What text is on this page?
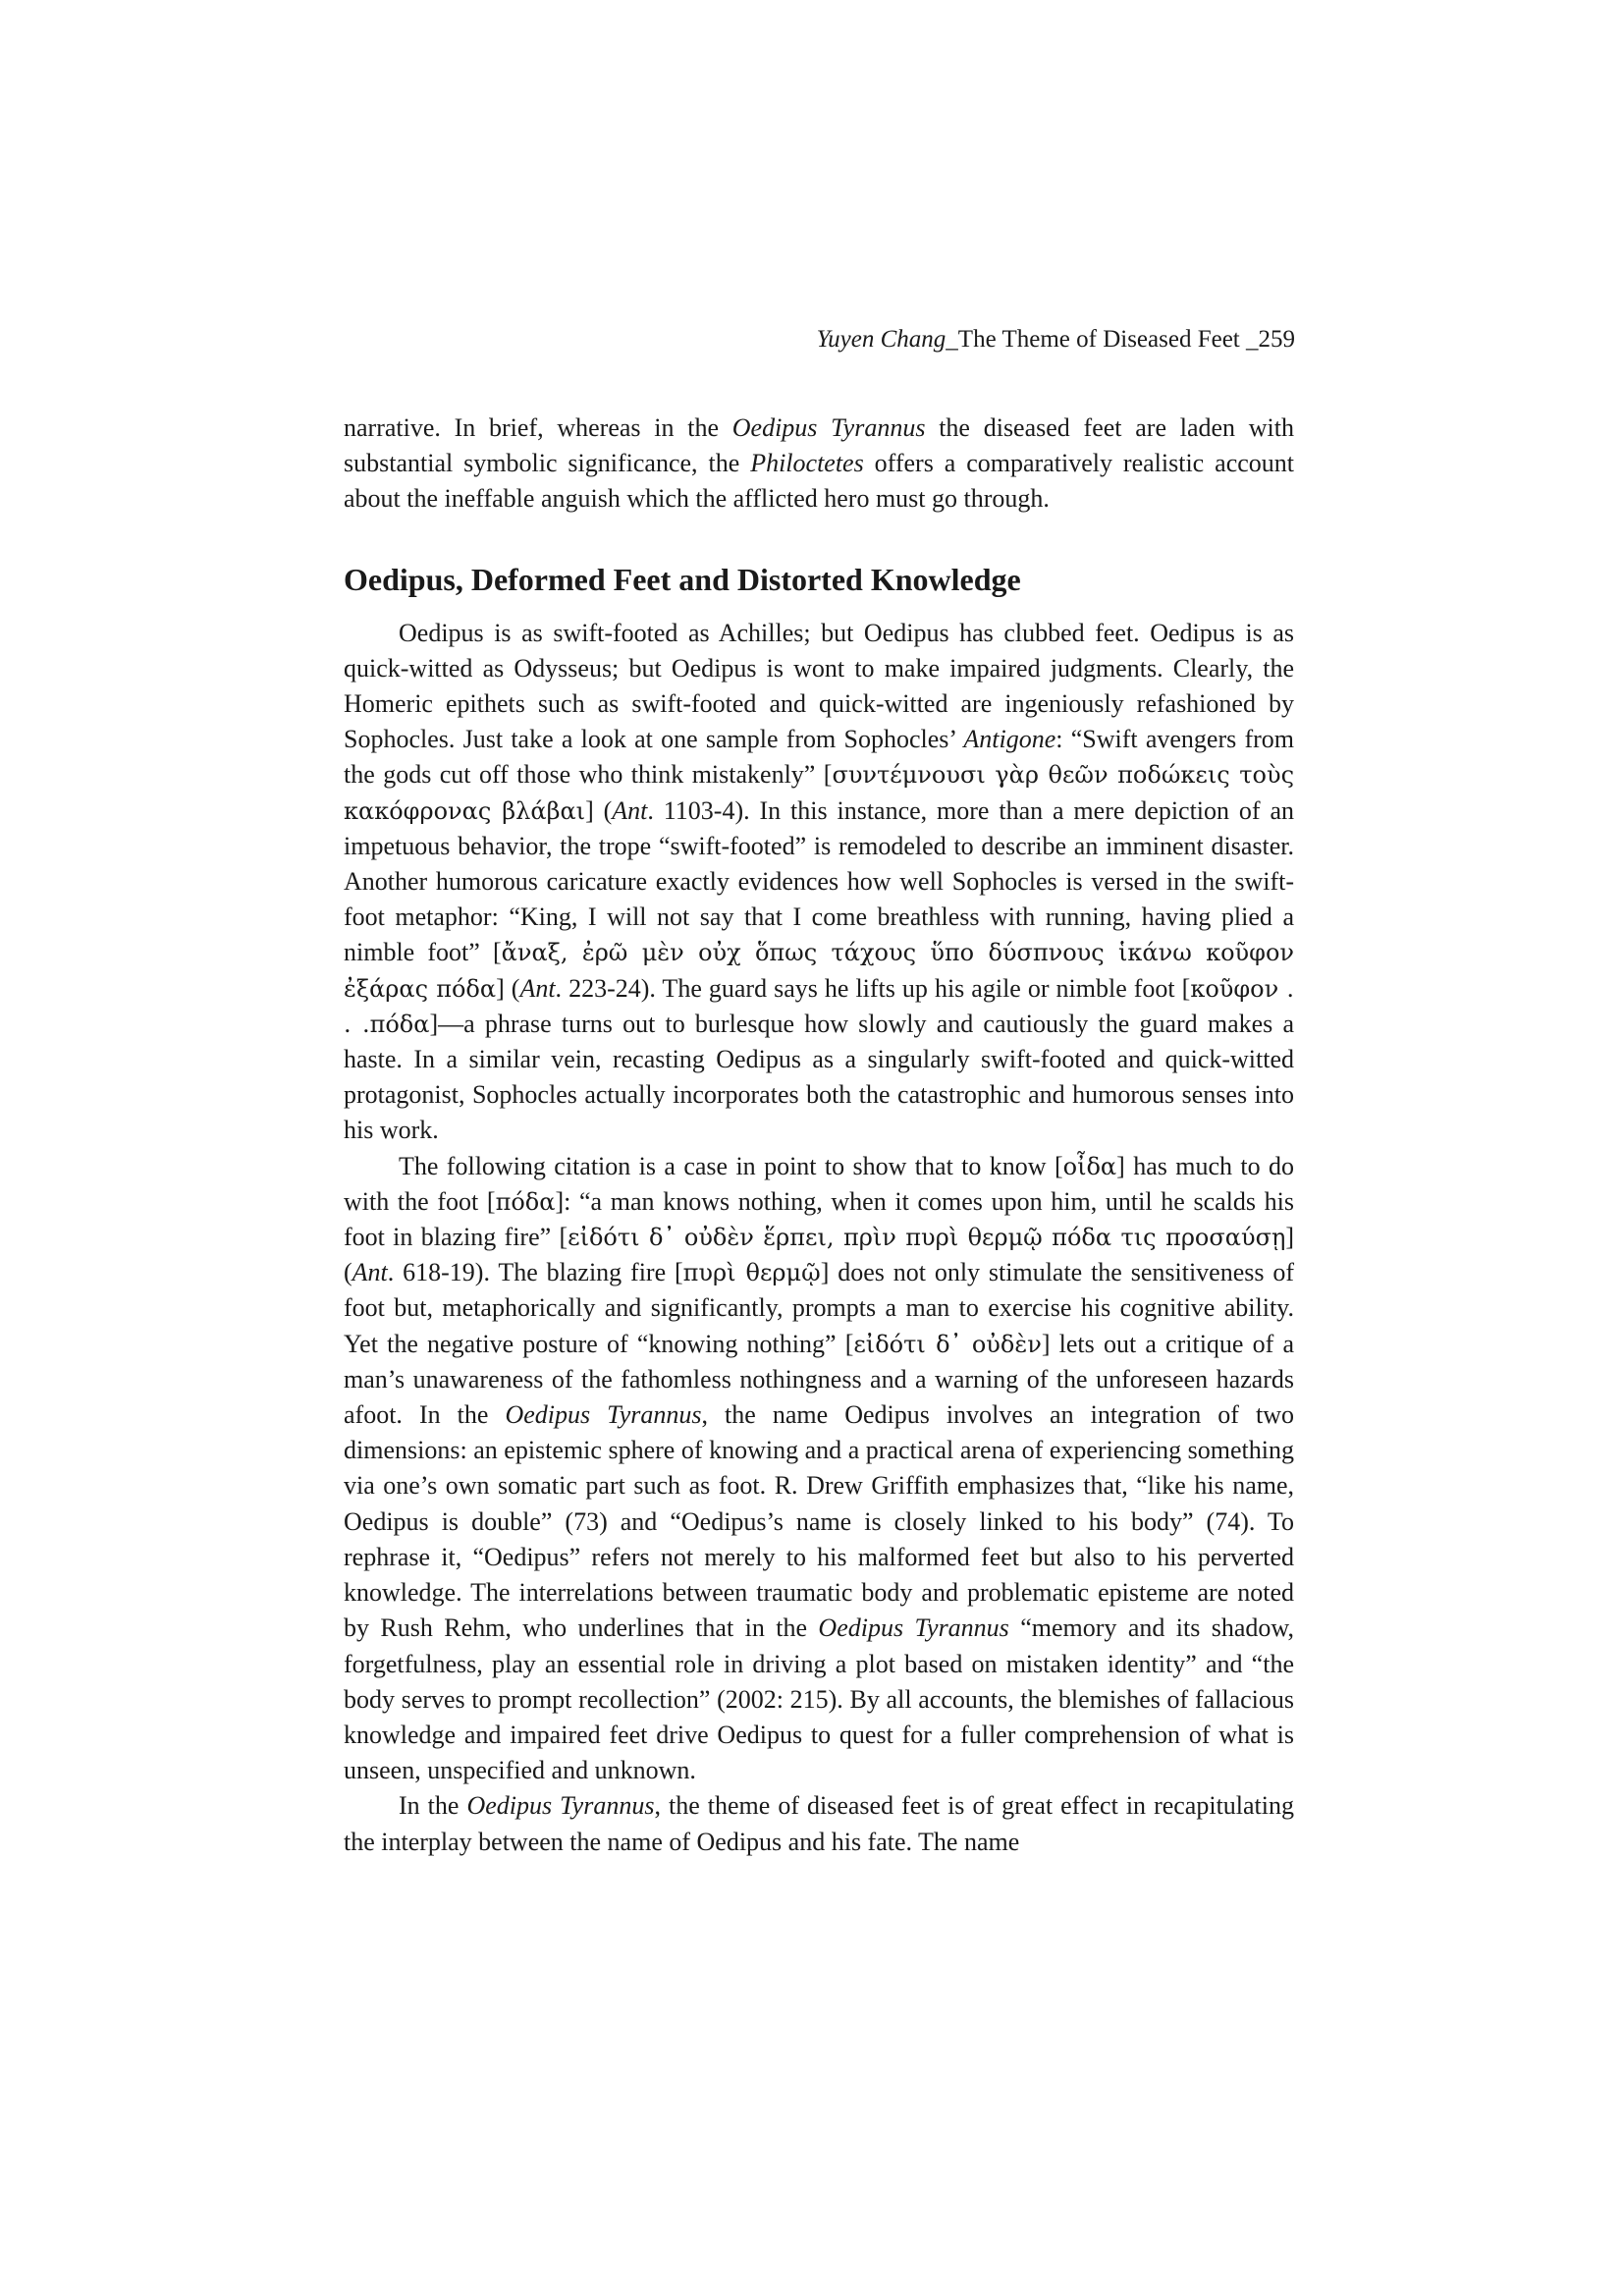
Yuyen Chang_The Theme of Diseased Feet _259

narrative. In brief, whereas in the Oedipus Tyrannus the diseased feet are laden with substantial symbolic significance, the Philoctetes offers a comparatively realistic account about the ineffable anguish which the afflicted hero must go through.

Oedipus, Deformed Feet and Distorted Knowledge

Oedipus is as swift-footed as Achilles; but Oedipus has clubbed feet. Oedipus is as quick-witted as Odysseus; but Oedipus is wont to make impaired judgments. Clearly, the Homeric epithets such as swift-footed and quick-witted are ingeniously refashioned by Sophocles. Just take a look at one sample from Sophocles’ Antigone: “Swift avengers from the gods cut off those who think mistakenly” [συντέμνουσι γὰρ θεῶν ποδώκεις τοὺς κακόφρονας βλάβαι] (Ant. 1103-4). In this instance, more than a mere depiction of an impetuous behavior, the trope “swift-footed” is remodeled to describe an imminent disaster. Another humorous caricature exactly evidences how well Sophocles is versed in the swift-foot metaphor: “King, I will not say that I come breathless with running, having plied a nimble foot” [ἄναξ, ἐρῶ μὲν οὐχ ὅπως τάχους ὕπο δύσπνους ἱκάνω κοῦφον ἐξάρας πόδα] (Ant. 223-24). The guard says he lifts up his agile or nimble foot [κοῦφον . . .πόδα]—a phrase turns out to burlesque how slowly and cautiously the guard makes a haste. In a similar vein, recasting Oedipus as a singularly swift-footed and quick-witted protagonist, Sophocles actually incorporates both the catastrophic and humorous senses into his work.

The following citation is a case in point to show that to know [οἶδα] has much to do with the foot [πόδα]: “a man knows nothing, when it comes upon him, until he scalds his foot in blazing fire” [εἰδότι δ᾽ οὐδὲν ἕρπει, πρὶν πυρὶ θερμῷ πόδα τις προσαύσῃ] (Ant. 618-19). The blazing fire [πυρὶ θερμῷ] does not only stimulate the sensitiveness of foot but, metaphorically and significantly, prompts a man to exercise his cognitive ability. Yet the negative posture of “knowing nothing” [εἰδότι δ᾽ οὐδὲν] lets out a critique of a man’s unawareness of the fathomless nothingness and a warning of the unforeseen hazards afoot. In the Oedipus Tyrannus, the name Oedipus involves an integration of two dimensions: an epistemic sphere of knowing and a practical arena of experiencing something via one’s own somatic part such as foot. R. Drew Griffith emphasizes that, “like his name, Oedipus is double” (73) and “Oedipus’s name is closely linked to his body” (74). To rephrase it, “Oedipus” refers not merely to his malformed feet but also to his perverted knowledge. The interrelations between traumatic body and problematic episteme are noted by Rush Rehm, who underlines that in the Oedipus Tyrannus “memory and its shadow, forgetfulness, play an essential role in driving a plot based on mistaken identity” and “the body serves to prompt recollection” (2002: 215). By all accounts, the blemishes of fallacious knowledge and impaired feet drive Oedipus to quest for a fuller comprehension of what is unseen, unspecified and unknown.

In the Oedipus Tyrannus, the theme of diseased feet is of great effect in recapitulating the interplay between the name of Oedipus and his fate. The name
